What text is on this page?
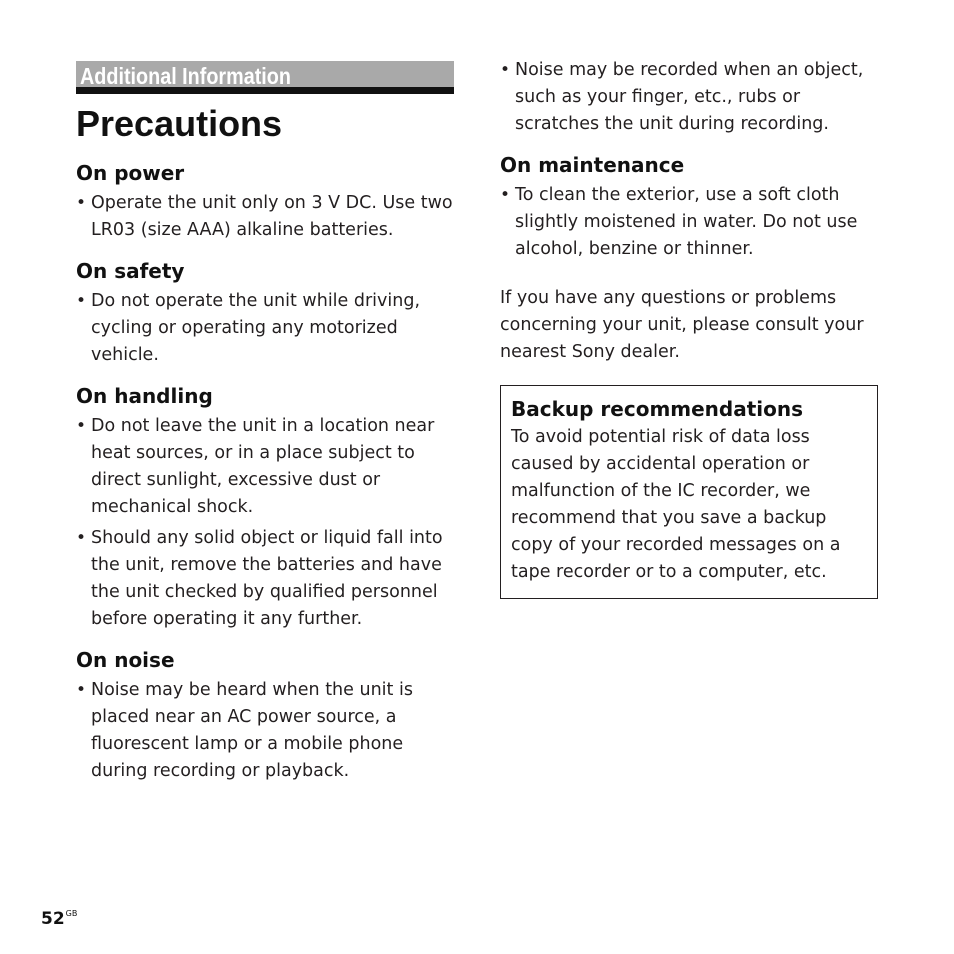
Additional Information
Precautions
On power
• Operate the unit only on 3 V DC. Use two LR03 (size AAA) alkaline batteries.
On safety
• Do not operate the unit while driving, cycling or operating any motorized vehicle.
On handling
• Do not leave the unit in a location near heat sources, or in a place subject to direct sunlight, excessive dust or mechanical shock.
• Should any solid object or liquid fall into the unit, remove the batteries and have the unit checked by qualified personnel before operating it any further.
On noise
• Noise may be heard when the unit is placed near an AC power source, a fluorescent lamp or a mobile phone during recording or playback.
• Noise may be recorded when an object, such as your finger, etc., rubs or scratches the unit during recording.
On maintenance
• To clean the exterior, use a soft cloth slightly moistened in water. Do not use alcohol, benzine or thinner.

If you have any questions or problems concerning your unit, please consult your nearest Sony dealer.

Backup recommendations

To avoid potential risk of data loss caused by accidental operation or malfunction of the IC recorder, we recommend that you save a backup copy of your recorded messages on a tape recorder or to a computer, etc.

$52^{GB}$
